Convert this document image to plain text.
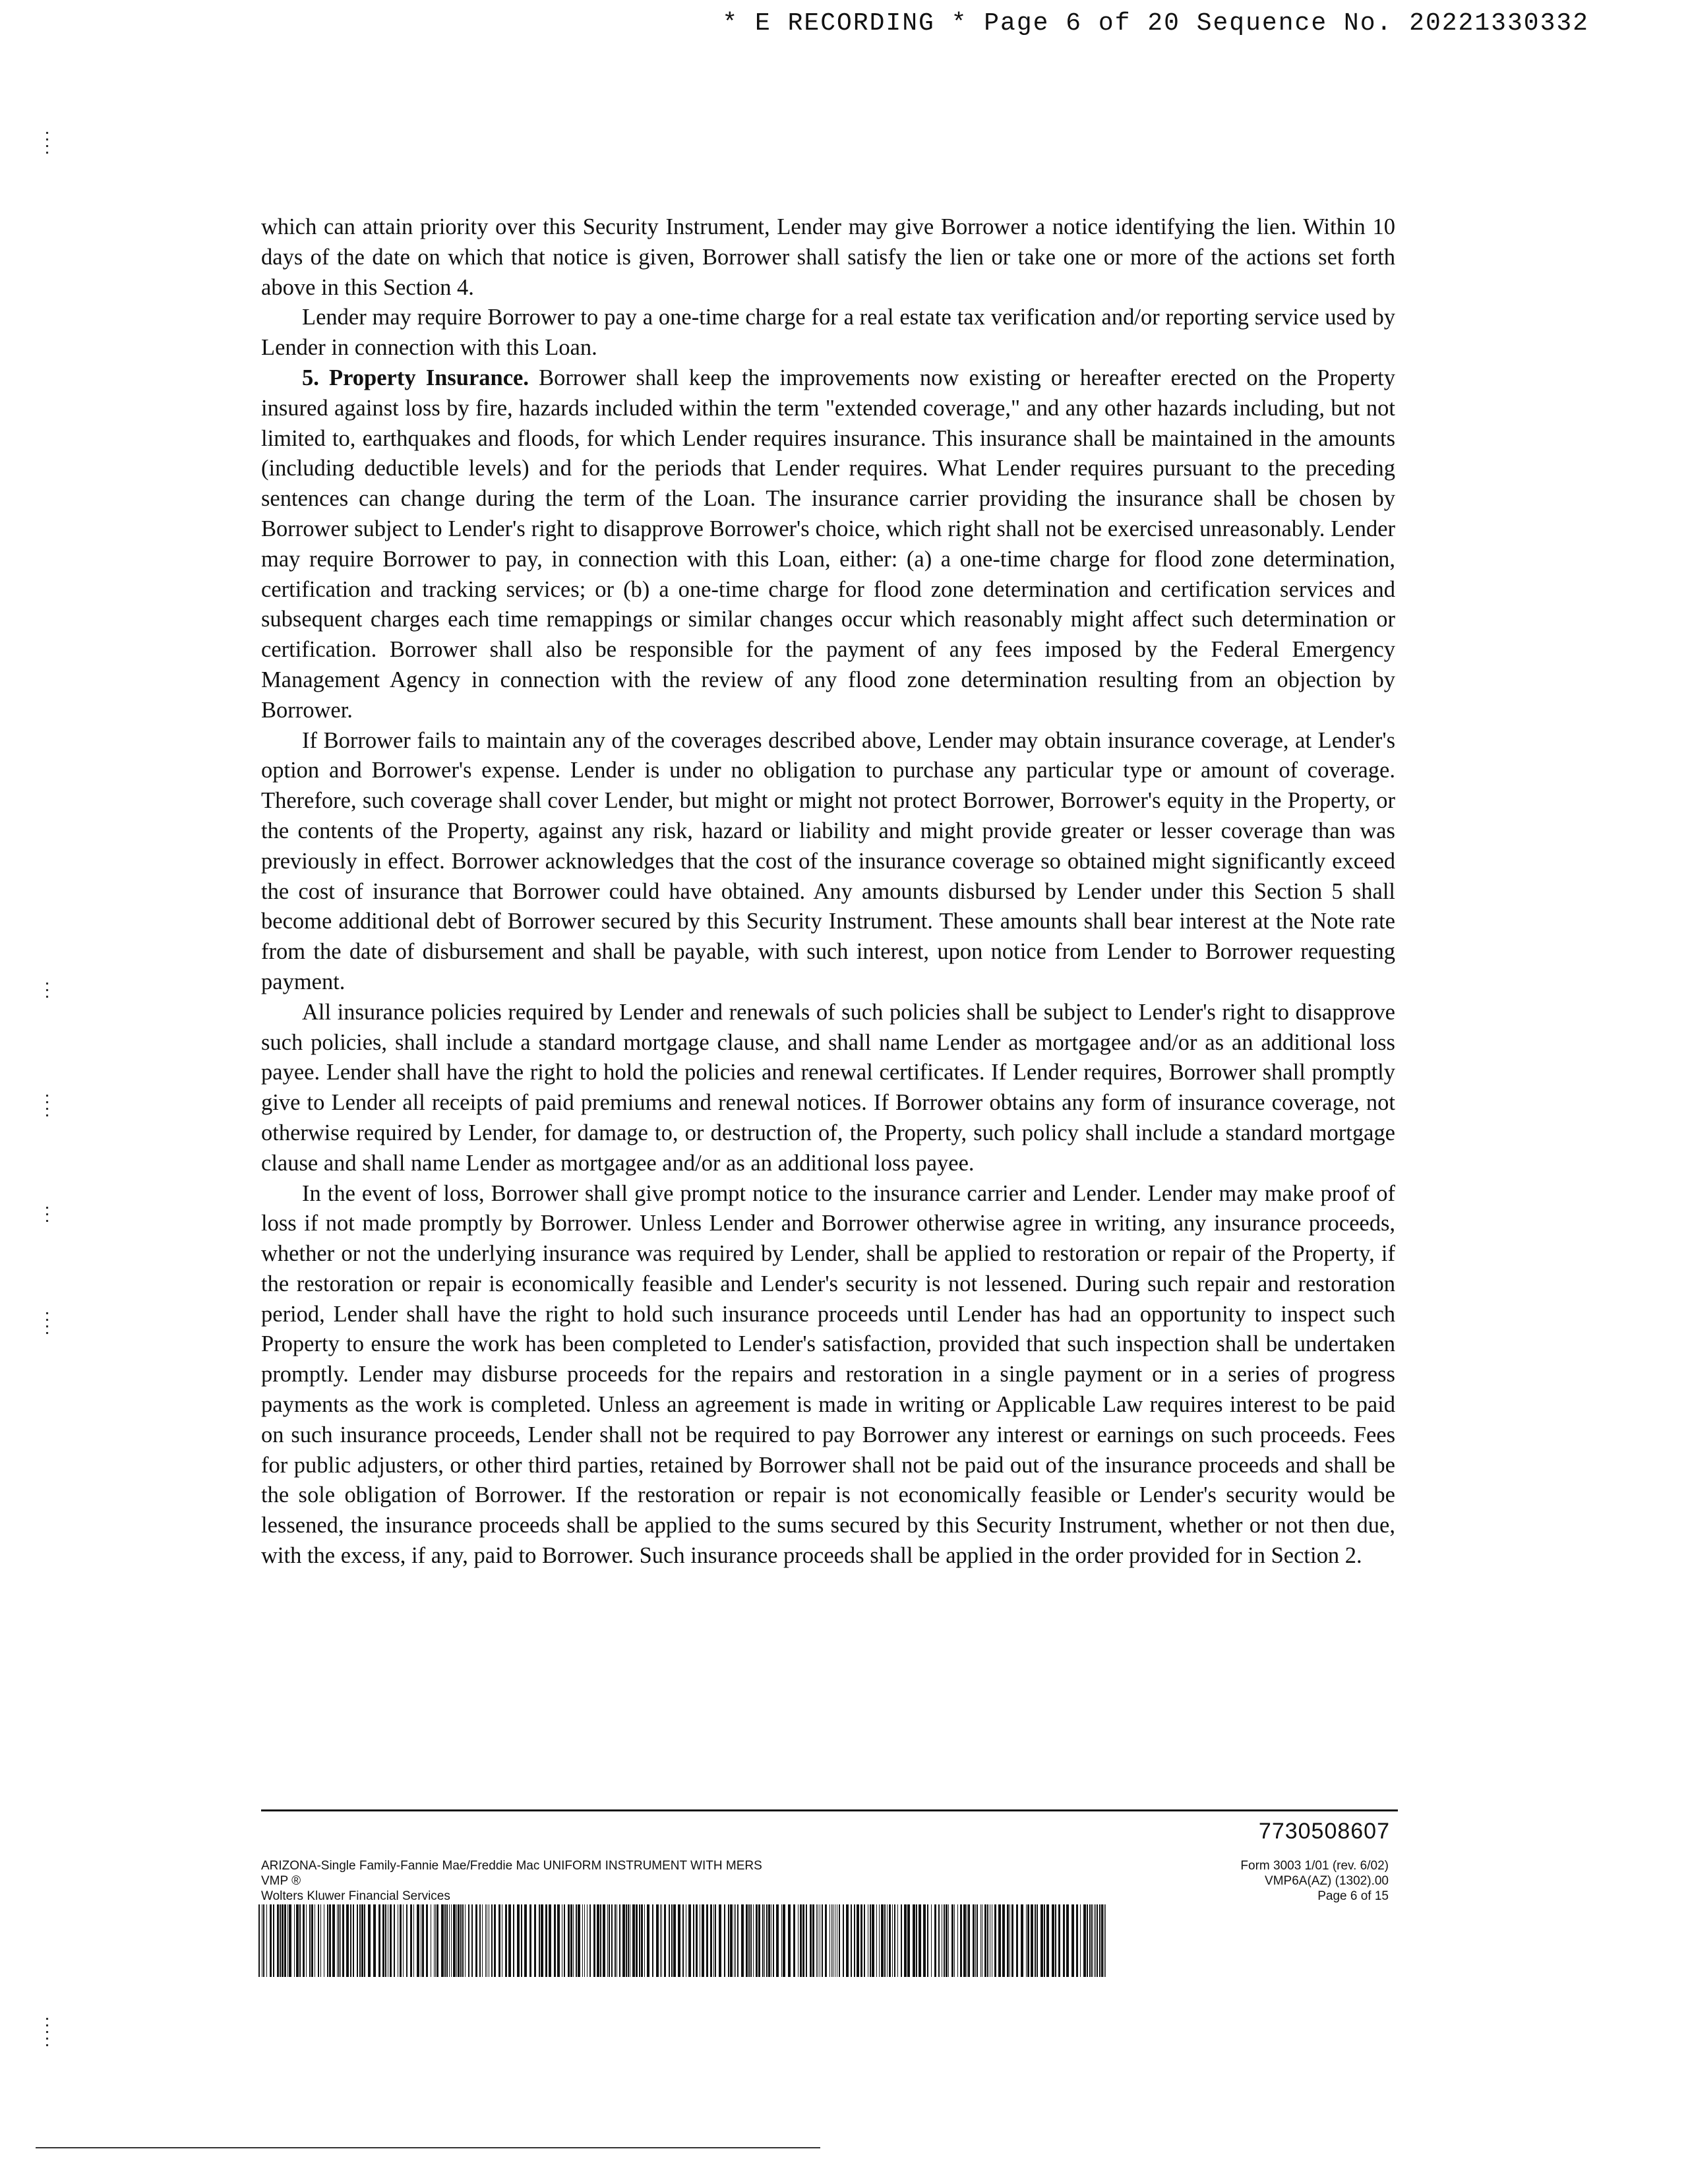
* E RECORDING * Page 6 of 20 Sequence No. 20221330332

which can attain priority over this Security Instrument, Lender may give Borrower a notice identifying the lien. Within 10 days of the date on which that notice is given, Borrower shall satisfy the lien or take one or more of the actions set forth above in this Section 4.

Lender may require Borrower to pay a one-time charge for a real estate tax verification and/or reporting service used by Lender in connection with this Loan.

5. Property Insurance. Borrower shall keep the improvements now existing or hereafter erected on the Property insured against loss by fire, hazards included within the term "extended coverage," and any other hazards including, but not limited to, earthquakes and floods, for which Lender requires insurance. This insurance shall be maintained in the amounts (including deductible levels) and for the periods that Lender requires. What Lender requires pursuant to the preceding sentences can change during the term of the Loan. The insurance carrier providing the insurance shall be chosen by Borrower subject to Lender's right to disapprove Borrower's choice, which right shall not be exercised unreasonably. Lender may require Borrower to pay, in connection with this Loan, either: (a) a one-time charge for flood zone determination, certification and tracking services; or (b) a one-time charge for flood zone determination and certification services and subsequent charges each time remappings or similar changes occur which reasonably might affect such determination or certification. Borrower shall also be responsible for the payment of any fees imposed by the Federal Emergency Management Agency in connection with the review of any flood zone determination resulting from an objection by Borrower.

If Borrower fails to maintain any of the coverages described above, Lender may obtain insurance coverage, at Lender's option and Borrower's expense. Lender is under no obligation to purchase any particular type or amount of coverage. Therefore, such coverage shall cover Lender, but might or might not protect Borrower, Borrower's equity in the Property, or the contents of the Property, against any risk, hazard or liability and might provide greater or lesser coverage than was previously in effect. Borrower acknowledges that the cost of the insurance coverage so obtained might significantly exceed the cost of insurance that Borrower could have obtained. Any amounts disbursed by Lender under this Section 5 shall become additional debt of Borrower secured by this Security Instrument. These amounts shall bear interest at the Note rate from the date of disbursement and shall be payable, with such interest, upon notice from Lender to Borrower requesting payment.

All insurance policies required by Lender and renewals of such policies shall be subject to Lender's right to disapprove such policies, shall include a standard mortgage clause, and shall name Lender as mortgagee and/or as an additional loss payee. Lender shall have the right to hold the policies and renewal certificates. If Lender requires, Borrower shall promptly give to Lender all receipts of paid premiums and renewal notices. If Borrower obtains any form of insurance coverage, not otherwise required by Lender, for damage to, or destruction of, the Property, such policy shall include a standard mortgage clause and shall name Lender as mortgagee and/or as an additional loss payee.

In the event of loss, Borrower shall give prompt notice to the insurance carrier and Lender. Lender may make proof of loss if not made promptly by Borrower. Unless Lender and Borrower otherwise agree in writing, any insurance proceeds, whether or not the underlying insurance was required by Lender, shall be applied to restoration or repair of the Property, if the restoration or repair is economically feasible and Lender's security is not lessened. During such repair and restoration period, Lender shall have the right to hold such insurance proceeds until Lender has had an opportunity to inspect such Property to ensure the work has been completed to Lender's satisfaction, provided that such inspection shall be undertaken promptly. Lender may disburse proceeds for the repairs and restoration in a single payment or in a series of progress payments as the work is completed. Unless an agreement is made in writing or Applicable Law requires interest to be paid on such insurance proceeds, Lender shall not be required to pay Borrower any interest or earnings on such proceeds. Fees for public adjusters, or other third parties, retained by Borrower shall not be paid out of the insurance proceeds and shall be the sole obligation of Borrower. If the restoration or repair is not economically feasible or Lender's security would be lessened, the insurance proceeds shall be applied to the sums secured by this Security Instrument, whether or not then due, with the excess, if any, paid to Borrower. Such insurance proceeds shall be applied in the order provided for in Section 2.

7730508607
ARIZONA-Single Family-Fannie Mae/Freddie Mac UNIFORM INSTRUMENT WITH MERS
VMP ®
Wolters Kluwer Financial Services
Form 3003 1/01 (rev. 6/02)
VMP6A(AZ) (1302).00
Page 6 of 15
